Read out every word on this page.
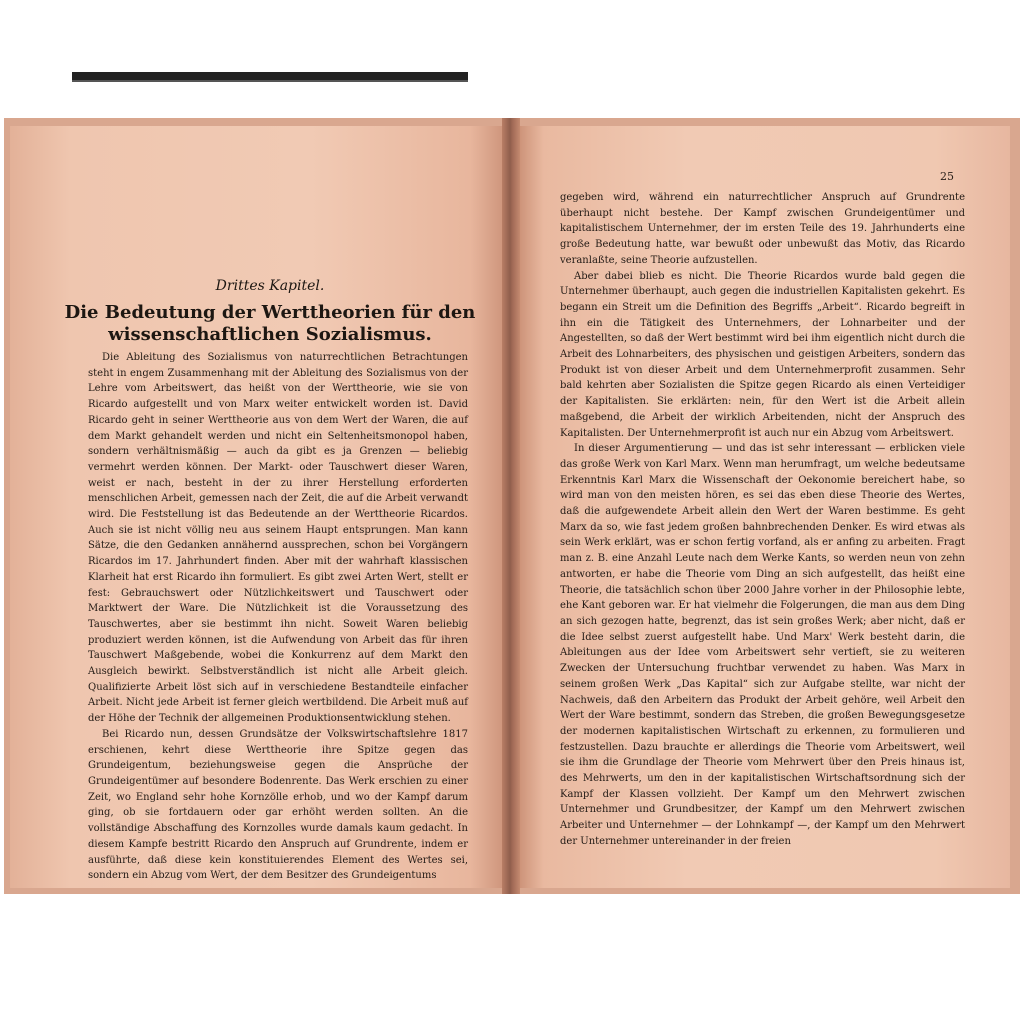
Drittes Kapitel.
Die Bedeutung der Werttheorien für den wissenschaftlichen Sozialismus.

Die Ableitung des Sozialismus von naturrechtlichen Betrachtungen steht in engem Zusammenhang mit der Ableitung des Sozialismus von der Lehre vom Arbeitswert, das heißt von der Werttheorie, wie sie von Ricardo aufgestellt und von Marx weiter entwickelt worden ist. David Ricardo geht in seiner Werttheorie aus von dem Wert der Waren, die auf dem Markt gehandelt werden und nicht ein Seltenheitsmonopol haben, sondern verhältnismäßig — auch da gibt es ja Grenzen — beliebig vermehrt werden können. Der Markt- oder Tauschwert dieser Waren, weist er nach, besteht in der zu ihrer Herstellung erforderten menschlichen Arbeit, gemessen nach der Zeit, die auf die Arbeit verwandt wird. Die Feststellung ist das Bedeutende an der Werttheorie Ricardos. Auch sie ist nicht völlig neu aus seinem Haupt entsprungen. Man kann Sätze, die den Gedanken annähernd aussprechen, schon bei Vorgängern Ricardos im 17. Jahrhundert finden. Aber mit der wahrhaft klassischen Klarheit hat erst Ricardo ihn formuliert. Es gibt zwei Arten Wert, stellt er fest: Gebrauchswert oder Nützlichkeitswert und Tauschwert oder Marktwert der Ware. Die Nützlichkeit ist die Voraussetzung des Tauschwertes, aber sie bestimmt ihn nicht. Soweit Waren beliebig produziert werden können, ist die Aufwendung von Arbeit das für ihren Tauschwert Maßgebende, wobei die Konkurrenz auf dem Markt den Ausgleich bewirkt. Selbstverständlich ist nicht alle Arbeit gleich. Qualifizierte Arbeit löst sich auf in verschiedene Bestandteile einfacher Arbeit. Nicht jede Arbeit ist ferner gleich wertbildend. Die Arbeit muß auf der Höhe der Technik der allgemeinen Produktionsentwicklung stehen.

Bei Ricardo nun, dessen Grundsätze der Volkswirtschaftslehre 1817 erschienen, kehrt diese Werttheorie ihre Spitze gegen das Grundeigentum, beziehungsweise gegen die Ansprüche der Grundeigentümer auf besondere Bodenrente. Das Werk erschien zu einer Zeit, wo England sehr hohe Kornzölle erhob, und wo der Kampf darum ging, ob sie fortdauern oder gar erhöht werden sollten. An die vollständige Abschaffung des Kornzolles wurde damals kaum gedacht. In diesem Kampfe bestritt Ricardo den Anspruch auf Grundrente, indem er ausführte, daß diese kein konstituierendes Element des Wertes sei, sondern ein Abzug vom Wert, der dem Besitzer des Grundeigentums

25

gegeben wird, während ein naturrechtlicher Anspruch auf Grundrente überhaupt nicht bestehe. Der Kampf zwischen Grundeigentümer und kapitalistischem Unternehmer, der im ersten Teile des 19. Jahrhunderts eine große Bedeutung hatte, war bewußt oder unbewußt das Motiv, das Ricardo veranlaßte, seine Theorie aufzustellen.

Aber dabei blieb es nicht. Die Theorie Ricardos wurde bald gegen die Unternehmer überhaupt, auch gegen die industriellen Kapitalisten gekehrt. Es begann ein Streit um die Definition des Begriffs „Arbeit“. Ricardo begreift in ihn ein die Tätigkeit des Unternehmers, der Lohnarbeiter und der Angestellten, so daß der Wert bestimmt wird bei ihm eigentlich nicht durch die Arbeit des Lohnarbeiters, des physischen und geistigen Arbeiters, sondern das Produkt ist von dieser Arbeit und dem Unternehmerprofit zusammen. Sehr bald kehrten aber Sozialisten die Spitze gegen Ricardo als einen Verteidiger der Kapitalisten. Sie erklärten: nein, für den Wert ist die Arbeit allein maßgebend, die Arbeit der wirklich Arbeitenden, nicht der Anspruch des Kapitalisten. Der Unternehmerprofit ist auch nur ein Abzug vom Arbeitswert.

In dieser Argumentierung — und das ist sehr interessant — erblicken viele das große Werk von Karl Marx. Wenn man herumfragt, um welche bedeutsame Erkenntnis Karl Marx die Wissenschaft der Oekonomie bereichert habe, so wird man von den meisten hören, es sei das eben diese Theorie des Wertes, daß die aufgewendete Arbeit allein den Wert der Waren bestimme. Es geht Marx da so, wie fast jedem großen bahnbrechenden Denker. Es wird etwas als sein Werk erklärt, was er schon fertig vorfand, als er anfing zu arbeiten. Fragt man z. B. eine Anzahl Leute nach dem Werke Kants, so werden neun von zehn antworten, er habe die Theorie vom Ding an sich aufgestellt, das heißt eine Theorie, die tatsächlich schon über 2000 Jahre vorher in der Philosophie lebte, ehe Kant geboren war. Er hat vielmehr die Folgerungen, die man aus dem Ding an sich gezogen hatte, begrenzt, das ist sein großes Werk; aber nicht, daß er die Idee selbst zuerst aufgestellt habe. Und Marx' Werk besteht darin, die Ableitungen aus der Idee vom Arbeitswert sehr vertieft, sie zu weiteren Zwecken der Untersuchung fruchtbar verwendet zu haben. Was Marx in seinem großen Werk „Das Kapital“ sich zur Aufgabe stellte, war nicht der Nachweis, daß den Arbeitern das Produkt der Arbeit gehöre, weil Arbeit den Wert der Ware bestimmt, sondern das Streben, die großen Bewegungsgesetze der modernen kapitalistischen Wirtschaft zu erkennen, zu formulieren und festzustellen. Dazu brauchte er allerdings die Theorie vom Arbeitswert, weil sie ihm die Grundlage der Theorie vom Mehrwert über den Preis hinaus ist, des Mehrwerts, um den in der kapitalistischen Wirtschaftsordnung sich der Kampf der Klassen vollzieht. Der Kampf um den Mehrwert zwischen Unternehmer und Grundbesitzer, der Kampf um den Mehrwert zwischen Arbeiter und Unternehmer — der Lohnkampf —, der Kampf um den Mehrwert der Unternehmer untereinander in der freien
